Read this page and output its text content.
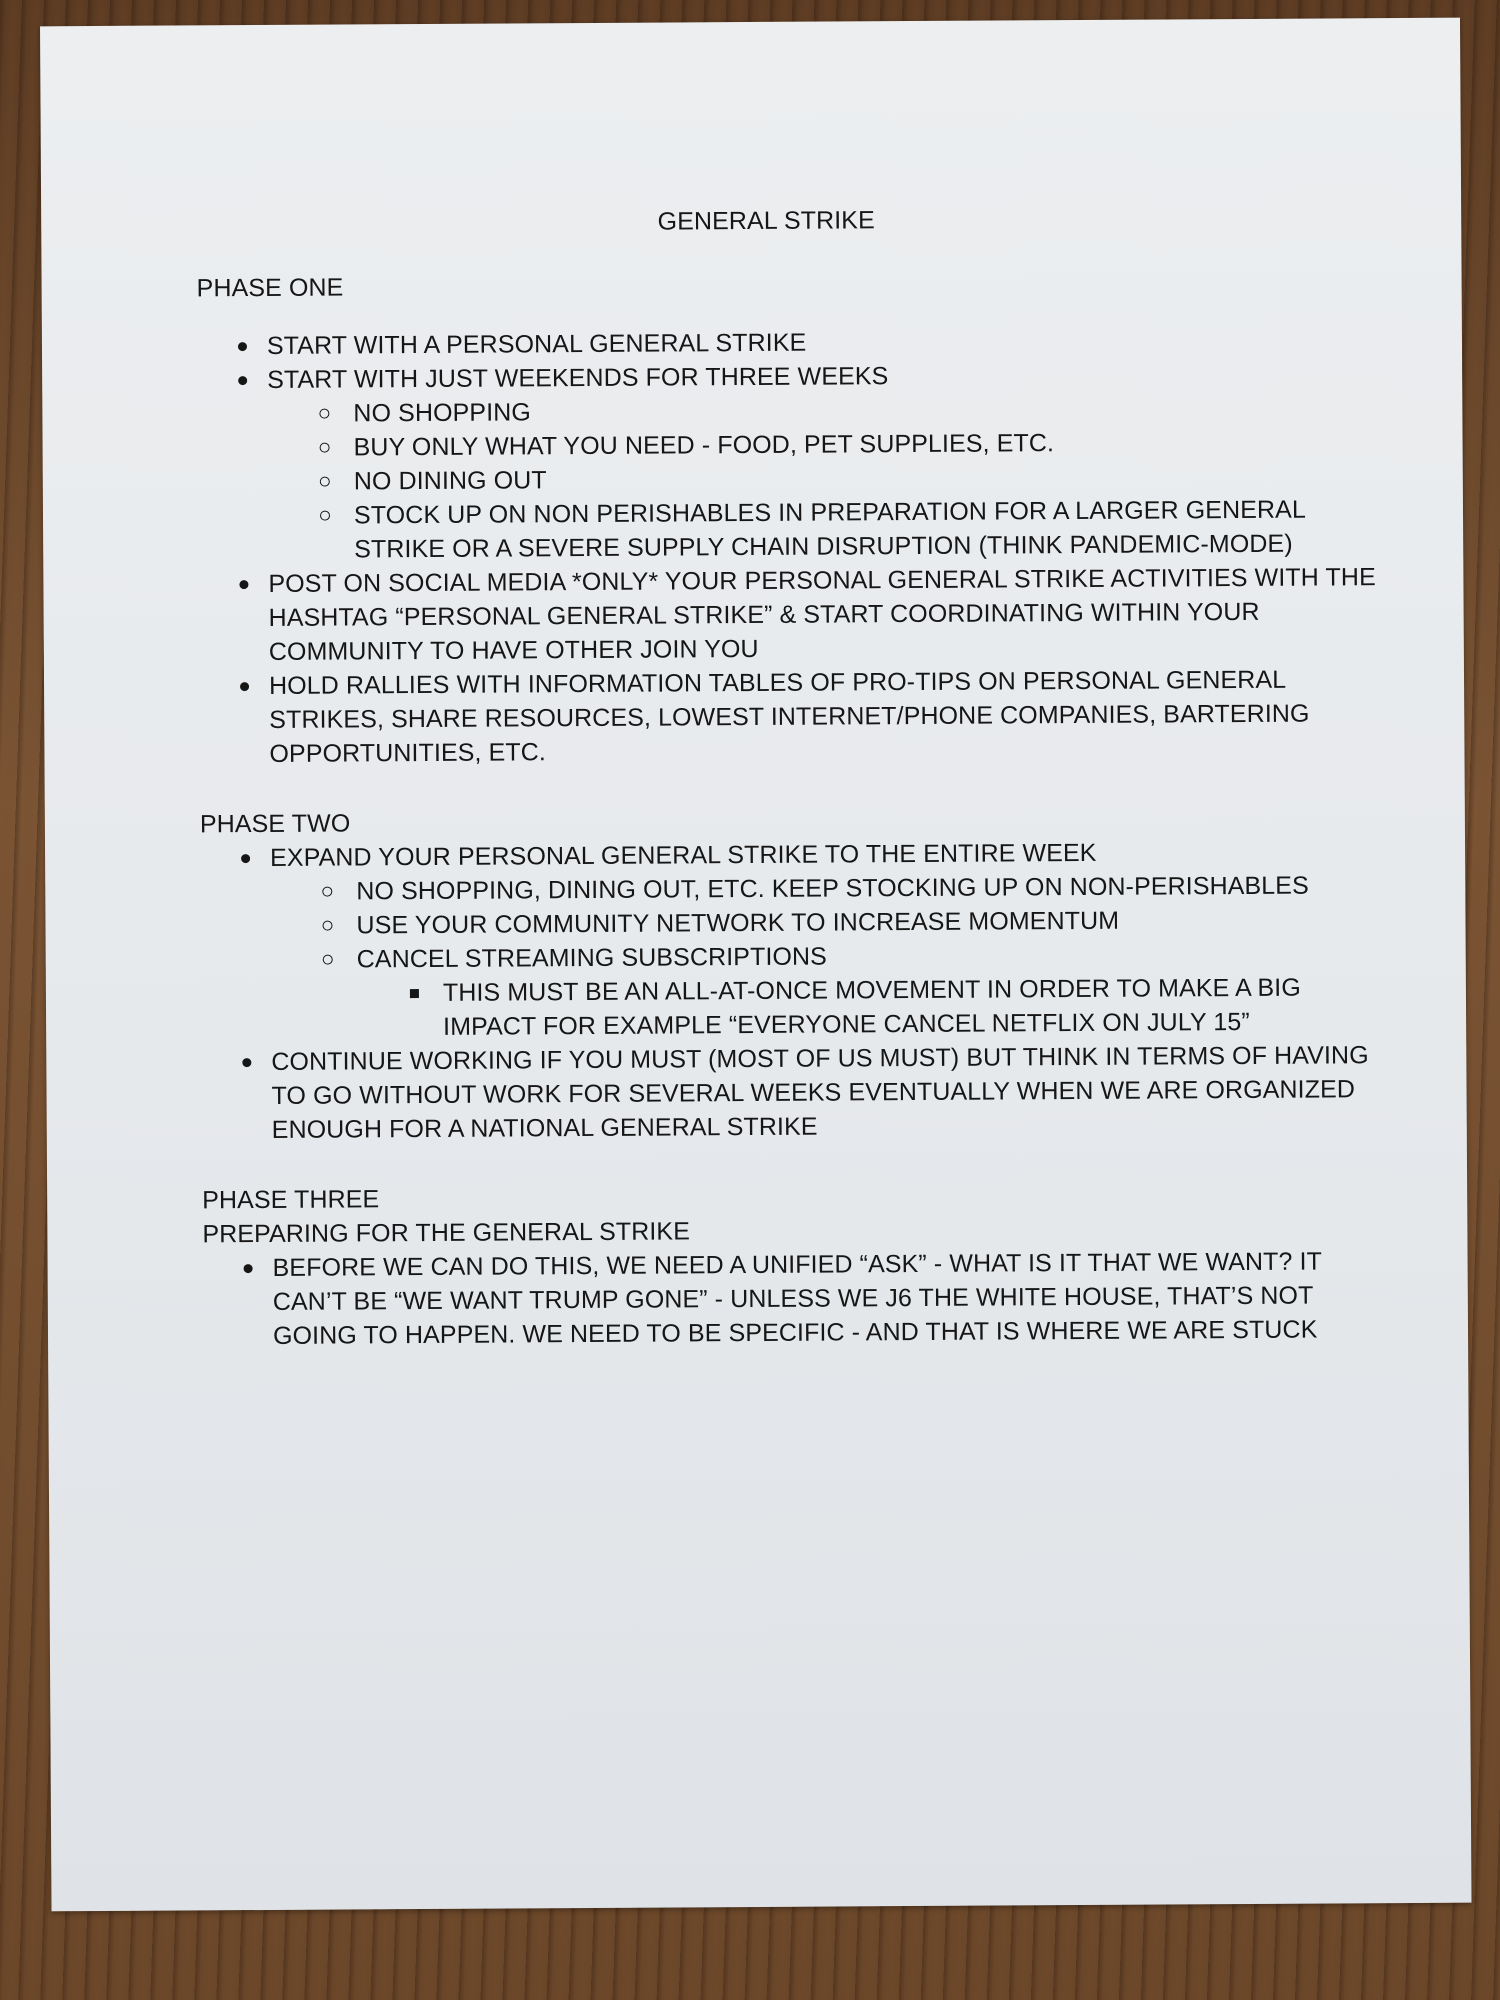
GENERAL STRIKE

PHASE ONE

START WITH A PERSONAL GENERAL STRIKE
START WITH JUST WEEKENDS FOR THREE WEEKS
NO SHOPPING
BUY ONLY WHAT YOU NEED - FOOD, PET SUPPLIES, ETC.
NO DINING OUT
STOCK UP ON NON PERISHABLES IN PREPARATION FOR A LARGER GENERAL STRIKE OR A SEVERE SUPPLY CHAIN DISRUPTION (THINK PANDEMIC-MODE)
POST ON SOCIAL MEDIA *ONLY* YOUR PERSONAL GENERAL STRIKE ACTIVITIES WITH THE HASHTAG “PERSONAL GENERAL STRIKE” & START COORDINATING WITHIN YOUR COMMUNITY TO HAVE OTHER JOIN YOU
HOLD RALLIES WITH INFORMATION TABLES OF PRO-TIPS ON PERSONAL GENERAL STRIKES, SHARE RESOURCES, LOWEST INTERNET/PHONE COMPANIES, BARTERING OPPORTUNITIES, ETC.

PHASE TWO

EXPAND YOUR PERSONAL GENERAL STRIKE TO THE ENTIRE WEEK
NO SHOPPING, DINING OUT, ETC. KEEP STOCKING UP ON NON-PERISHABLES
USE YOUR COMMUNITY NETWORK TO INCREASE MOMENTUM
CANCEL STREAMING SUBSCRIPTIONS
THIS MUST BE AN ALL-AT-ONCE MOVEMENT IN ORDER TO MAKE A BIG IMPACT FOR EXAMPLE “EVERYONE CANCEL NETFLIX ON JULY 15”
CONTINUE WORKING IF YOU MUST (MOST OF US MUST) BUT THINK IN TERMS OF HAVING TO GO WITHOUT WORK FOR SEVERAL WEEKS EVENTUALLY WHEN WE ARE ORGANIZED ENOUGH FOR A NATIONAL GENERAL STRIKE

PHASE THREE

PREPARING FOR THE GENERAL STRIKE

BEFORE WE CAN DO THIS, WE NEED A UNIFIED “ASK” - WHAT IS IT THAT WE WANT? IT CAN’T BE “WE WANT TRUMP GONE” - UNLESS WE J6 THE WHITE HOUSE, THAT’S NOT GOING TO HAPPEN. WE NEED TO BE SPECIFIC - AND THAT IS WHERE WE ARE STUCK
